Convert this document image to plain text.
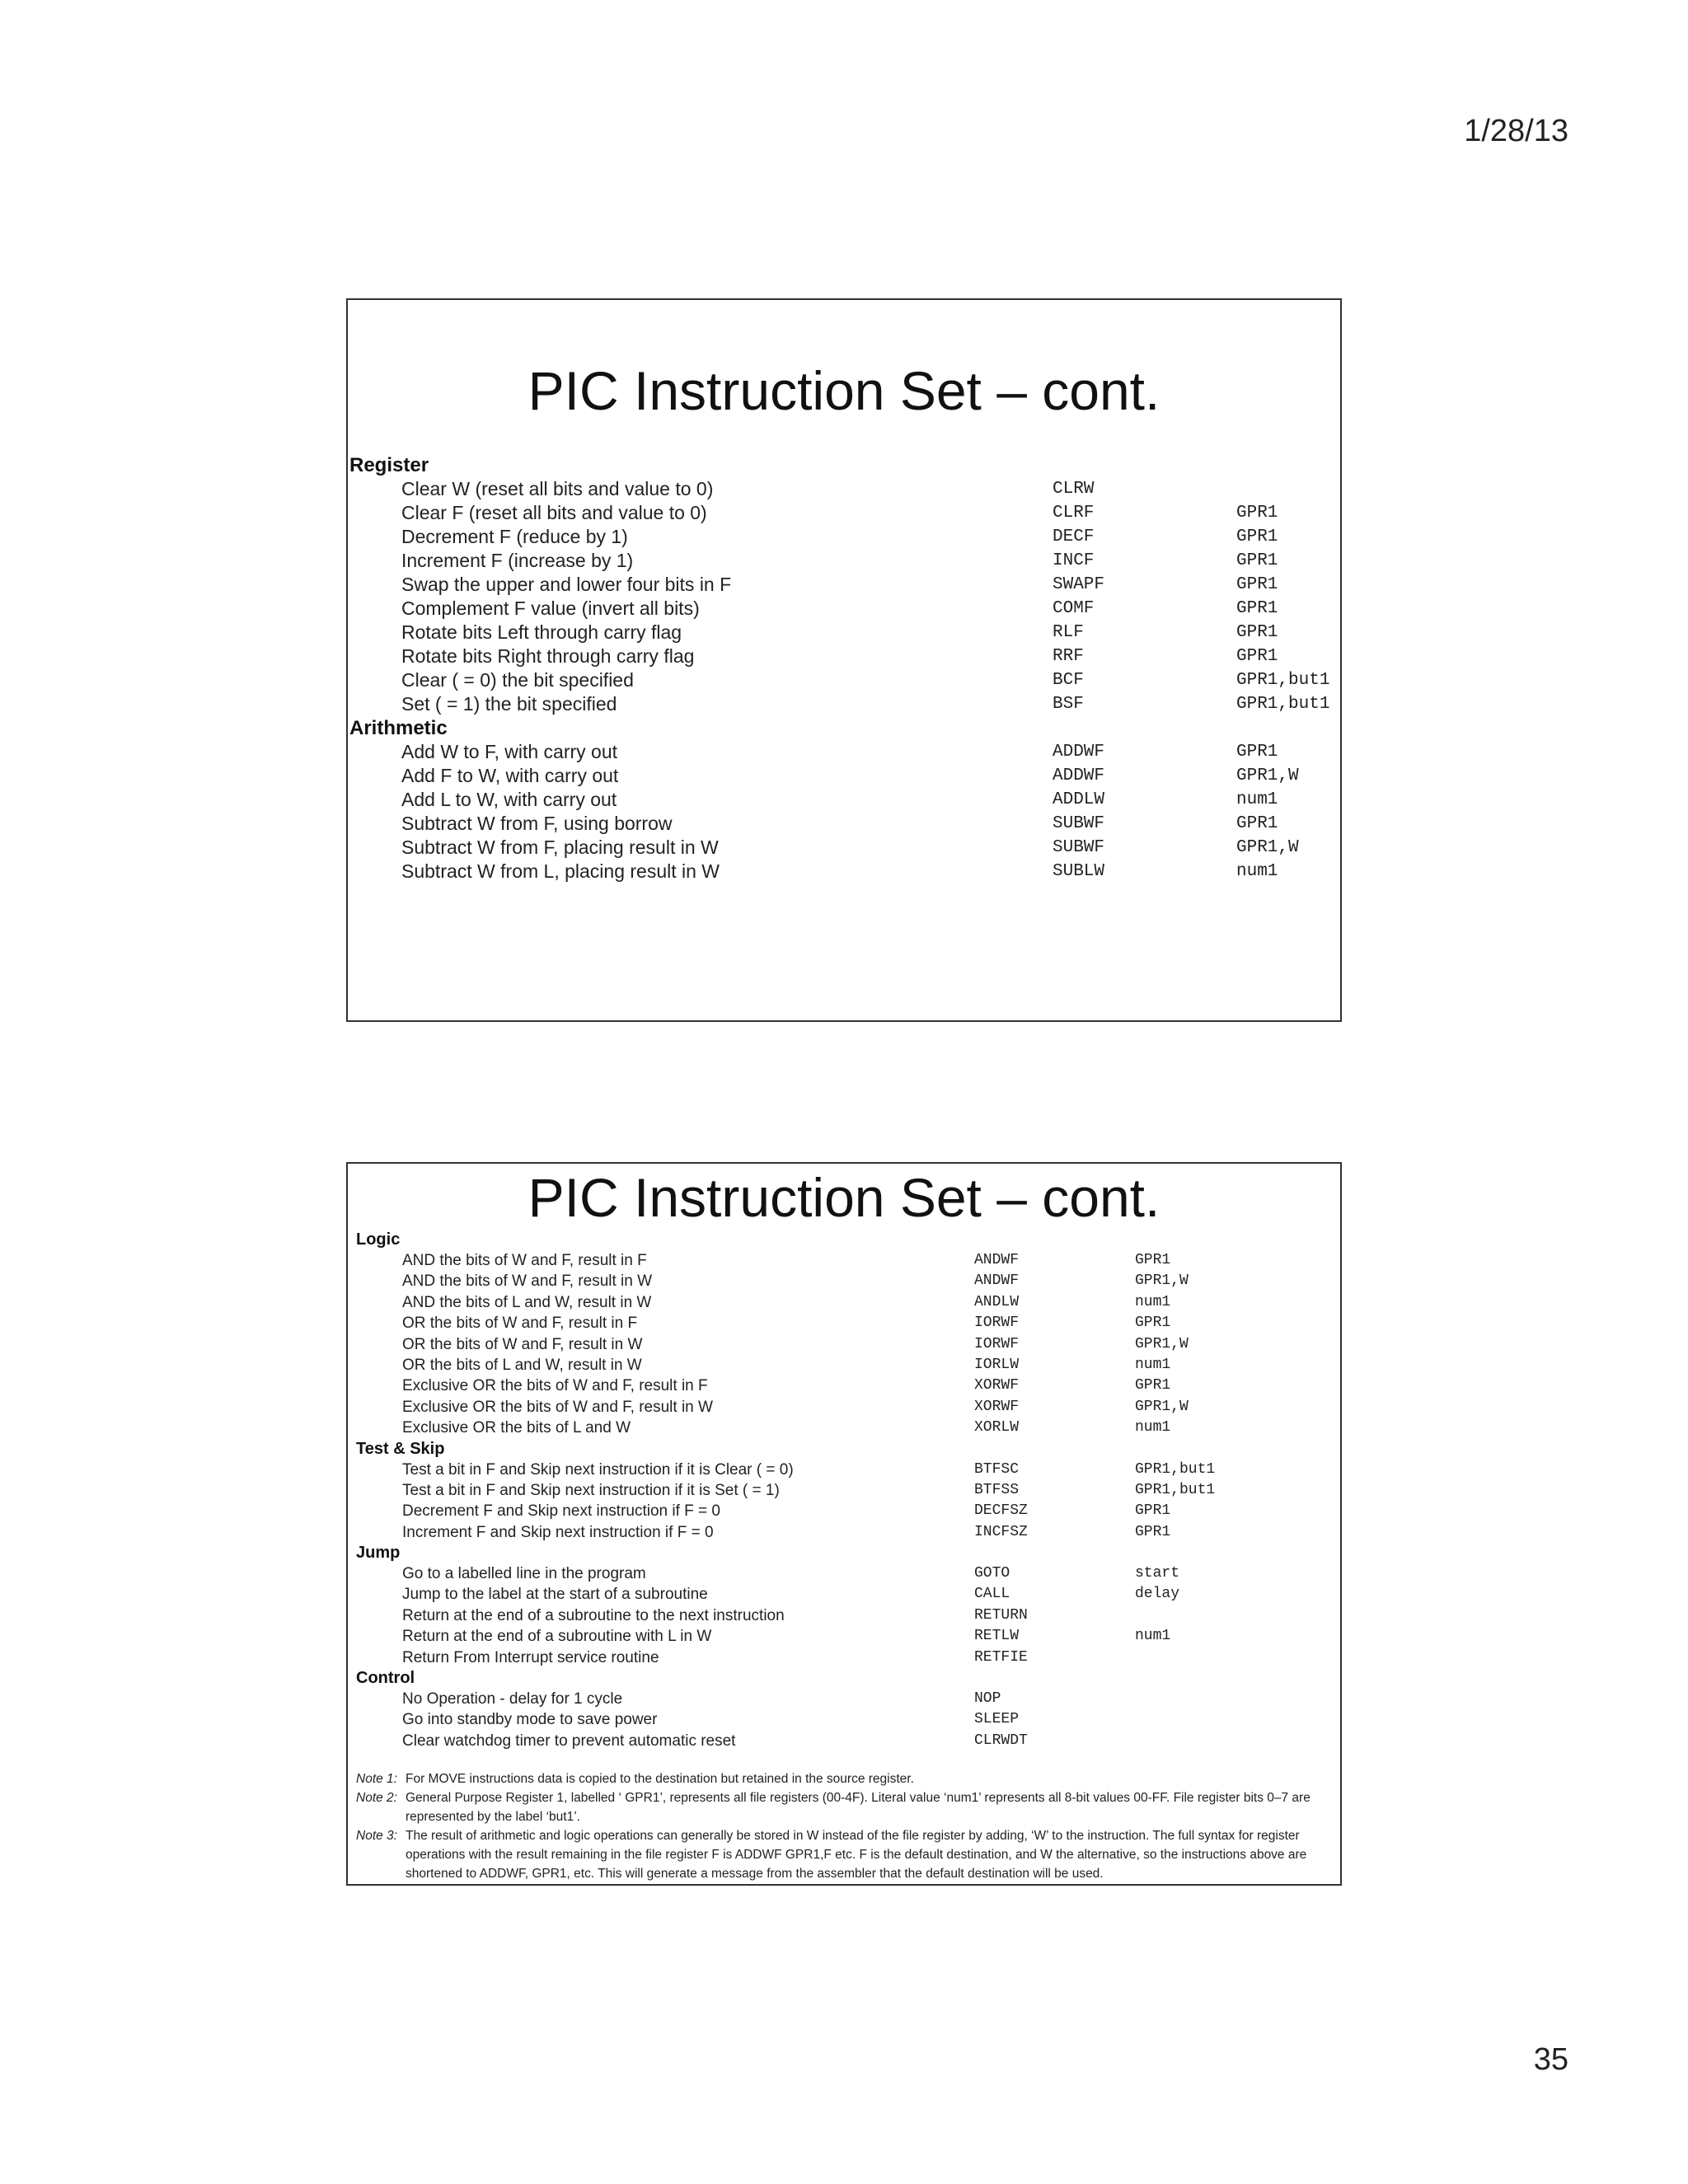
1/28/13
PIC Instruction Set – cont.
Register
Clear W (reset all bits and value to 0)	CLRW
Clear F (reset all bits and value to 0)	CLRF	GPR1
Decrement F (reduce by 1)	DECF	GPR1
Increment F (increase by 1)	INCF	GPR1
Swap the upper and lower four bits in F	SWAPF	GPR1
Complement F value (invert all bits)	COMF	GPR1
Rotate bits Left through carry flag	RLF	GPR1
Rotate bits Right through carry flag	RRF	GPR1
Clear ( = 0) the bit specified	BCF	GPR1,but1
Set ( = 1) the bit specified	BSF	GPR1,but1
Arithmetic
Add W to F, with carry out	ADDWF	GPR1
Add F to W, with carry out	ADDWF	GPR1,W
Add L to W, with carry out	ADDLW	num1
Subtract W from F, using borrow	SUBWF	GPR1
Subtract W from F, placing result in W	SUBWF	GPR1,W
Subtract W from L, placing result in W	SUBLW	num1
PIC Instruction Set – cont.
Logic
AND the bits of W and F, result in F	ANDWF	GPR1
AND the bits of W and F, result in W	ANDWF	GPR1,W
AND the bits of L and W, result in W	ANDLW	num1
OR the bits of W and F, result in F	IORWF	GPR1
OR the bits of W and F, result in W	IORWF	GPR1,W
OR the bits of L and W, result in W	IORLW	num1
Exclusive OR the bits of W and F, result in F	XORWF	GPR1
Exclusive OR the bits of W and F, result in W	XORWF	GPR1,W
Exclusive OR the bits of L and W	XORLW	num1
Test & Skip
Test a bit in F and Skip next instruction if it is Clear ( = 0)	BTFSC	GPR1,but1
Test a bit in F and Skip next instruction if it is Set ( = 1)	BTFSS	GPR1,but1
Decrement F and Skip next instruction if F = 0	DECFSZ	GPR1
Increment F and Skip next instruction if F = 0	INCFSZ	GPR1
Jump
Go to a labelled line in the program	GOTO	start
Jump to the label at the start of a subroutine	CALL	delay
Return at the end of a subroutine to the next instruction	RETURN
Return at the end of a subroutine with L in W	RETLW	num1
Return From Interrupt service routine	RETFIE
Control
No Operation - delay for 1 cycle	NOP
Go into standby mode to save power	SLEEP
Clear watchdog timer to prevent automatic reset	CLRWDT
Note 1: For MOVE instructions data is copied to the destination but retained in the source register.
Note 2: General Purpose Register 1, labelled ‘ GPR1’, represents all file registers (00-4F). Literal value ‘num1’ represents all 8-bit values 00-FF. File register bits 0–7 are represented by the label ‘but1’.
Note 3: The result of arithmetic and logic operations can generally be stored in W instead of the file register by adding, ‘W’ to the instruction. The full syntax for register operations with the result remaining in the file register F is ADDWF GPR1,F etc. F is the default destination, and W the alternative, so the instructions above are shortened to ADDWF, GPR1, etc. This will generate a message from the assembler that the default destination will be used.
35
